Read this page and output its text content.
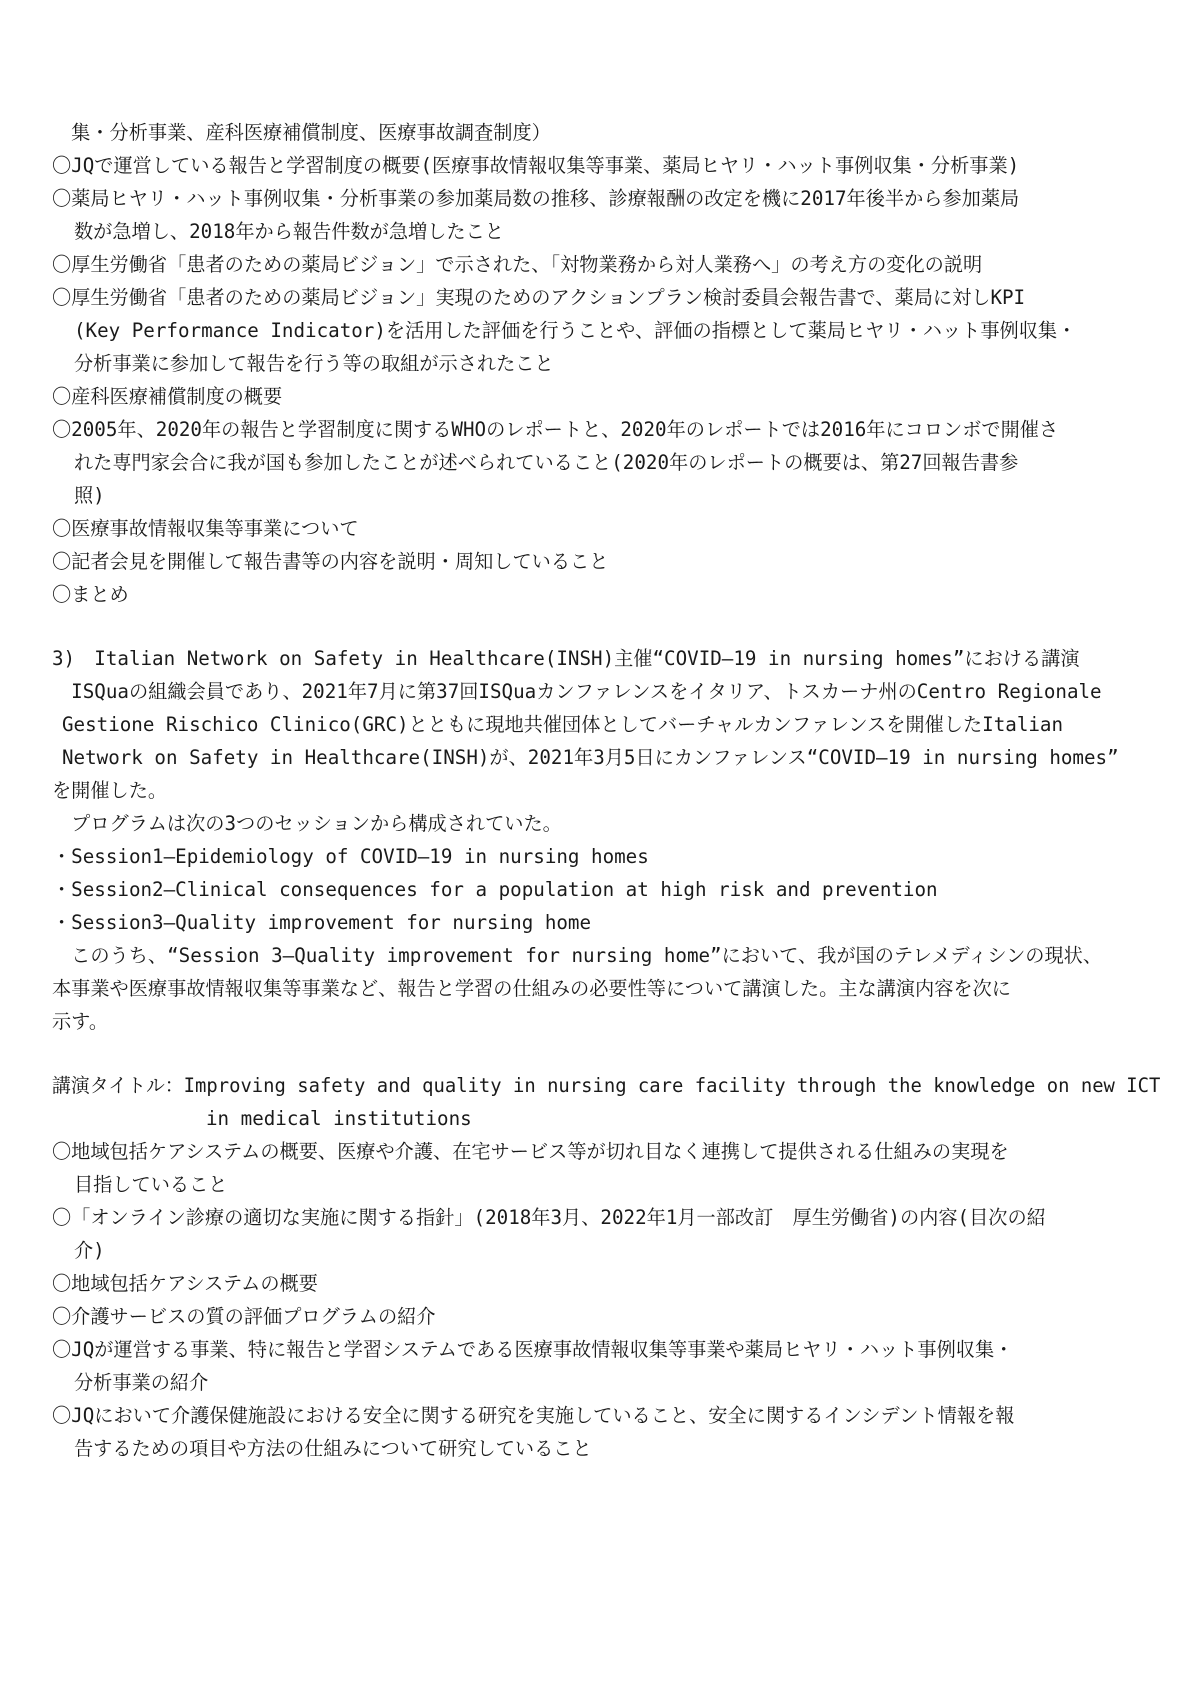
　集・分析事業、産科医療補償制度、医療事故調査制度）
〇JQで運営している報告と学習制度の概要(医療事故情報収集等事業、薬局ヒヤリ・ハット事例収集・分析事業)
〇薬局ヒヤリ・ハット事例収集・分析事業の参加薬局数の推移、診療報酬の改定を機に2017年後半から参加薬局
数が急増し、2018年から報告件数が急増したこと
〇厚生労働省「患者のための薬局ビジョン」で示された、「対物業務から対人業務へ」の考え方の変化の説明
〇厚生労働省「患者のための薬局ビジョン」実現のためのアクションプラン検討委員会報告書で、薬局に対しKPI
(Key Performance Indicator)を活用した評価を行うことや、評価の指標として薬局ヒヤリ・ハット事例収集・
分析事業に参加して報告を行う等の取組が示されたこと
〇産科医療補償制度の概要
〇2005年、2020年の報告と学習制度に関するWHOのレポートと、2020年のレポートでは2016年にコロンボで開催さ
れた専門家会合に我が国も参加したことが述べられていること(2020年のレポートの概要は、第27回報告書参
照)
〇医療事故情報収集等事業について
〇記者会見を開催して報告書等の内容を説明・周知していること
〇まとめ
3)　Italian Network on Safety in Healthcare(INSH)主催“COVID―19 in nursing homes”における講演
　ISQuaの組織会員であり、2021年7月に第37回ISQuaカンファレンスをイタリア、トスカーナ州のCentro Regionale
Gestione Rischico Clinico(GRC)とともに現地共催団体としてバーチャルカンファレンスを開催したItalian
Network on Safety in Healthcare(INSH)が、2021年3月5日にカンファレンス“COVID―19 in nursing homes”
を開催した。
　プログラムは次の3つのセッションから構成されていた。
・Session1―Epidemiology of COVID―19 in nursing homes
・Session2―Clinical consequences for a population at high risk and prevention
・Session3―Quality improvement for nursing home
　このうち、“Session 3―Quality improvement for nursing home”において、我が国のテレメディシンの現状、
本事業や医療事故情報収集等事業など、報告と学習の仕組みの必要性等について講演した。主な講演内容を次に
示す。
講演タイトル：Improving safety and quality in nursing care facility through the knowledge on new ICT
in medical institutions
〇地域包括ケアシステムの概要、医療や介護、在宅サービス等が切れ目なく連携して提供される仕組みの実現を
目指していること
〇「オンライン診療の適切な実施に関する指針」(2018年3月、2022年1月一部改訂　厚生労働省)の内容(目次の紹
介)
〇地域包括ケアシステムの概要
〇介護サービスの質の評価プログラムの紹介
〇JQが運営する事業、特に報告と学習システムである医療事故情報収集等事業や薬局ヒヤリ・ハット事例収集・
分析事業の紹介
〇JQにおいて介護保健施設における安全に関する研究を実施していること、安全に関するインシデント情報を報
告するための項目や方法の仕組みについて研究していること
